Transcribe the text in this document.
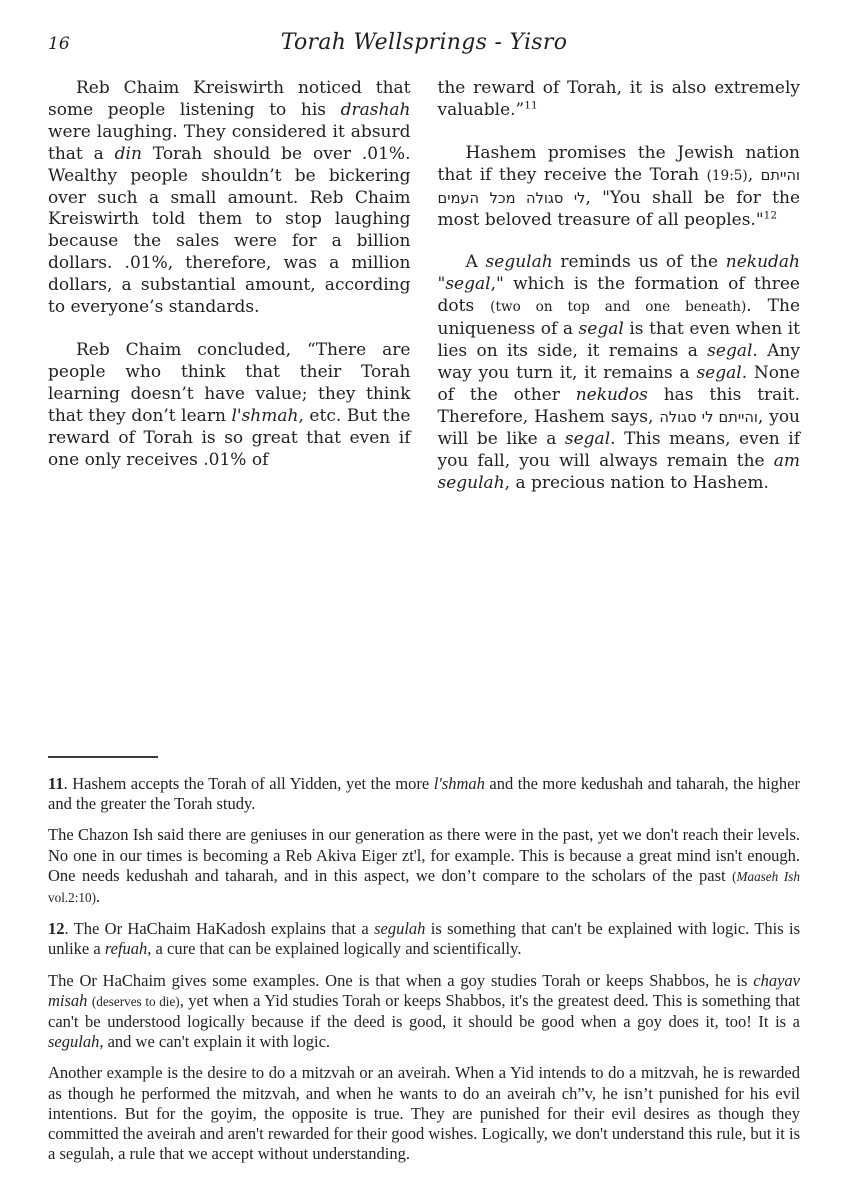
16	Torah Wellsprings - Yisro

Reb Chaim Kreiswirth noticed that some people listening to his drashah were laughing. They considered it absurd that a din Torah should be over .01%. Wealthy people shouldn’t be bickering over such a small amount. Reb Chaim Kreiswirth told them to stop laughing because the sales were for a billion dollars. .01%, therefore, was a million dollars, a substantial amount, according to everyone’s standards.

Reb Chaim concluded, “There are people who think that their Torah learning doesn’t have value; they think that they don’t learn l'shmah, etc. But the reward of Torah is so great that even if one only receives .01% of

the reward of Torah, it is also extremely valuable.”$^{11}$

Hashem promises the Jewish nation that if they receive the Torah (19:5), והייתם לי סגולה מכל העמים, "You shall be for the most beloved treasure of all peoples."$^{12}$

A segulah reminds us of the nekudah "segal," which is the formation of three dots (two on top and one beneath). The uniqueness of a segal is that even when it lies on its side, it remains a segal. Any way you turn it, it remains a segal. None of the other nekudos has this trait. Therefore, Hashem says, והייתם לי סגולה, you will be like a segal. This means, even if you fall, you will always remain the am segulah, a precious nation to Hashem.

11. Hashem accepts the Torah of all Yidden, yet the more l'shmah and the more kedushah and taharah, the higher and the greater the Torah study.

The Chazon Ish said there are geniuses in our generation as there were in the past, yet we don't reach their levels. No one in our times is becoming a Reb Akiva Eiger zt'l, for example. This is because a great mind isn't enough. One needs kedushah and taharah, and in this aspect, we don’t compare to the scholars of the past (Maaseh Ish vol.2:10).

12. The Or HaChaim HaKadosh explains that a segulah is something that can't be explained with logic. This is unlike a refuah, a cure that can be explained logically and scientifically.

The Or HaChaim gives some examples. One is that when a goy studies Torah or keeps Shabbos, he is chayav misah (deserves to die), yet when a Yid studies Torah or keeps Shabbos, it's the greatest deed. This is something that can't be understood logically because if the deed is good, it should be good when a goy does it, too! It is a segulah, and we can't explain it with logic.

Another example is the desire to do a mitzvah or an aveirah. When a Yid intends to do a mitzvah, he is rewarded as though he performed the mitzvah, and when he wants to do an aveirah ch”v, he isn’t punished for his evil intentions. But for the goyim, the opposite is true. They are punished for their evil desires as though they committed the aveirah and aren't rewarded for their good wishes. Logically, we don't understand this rule, but it is a segulah, a rule that we accept without understanding.
